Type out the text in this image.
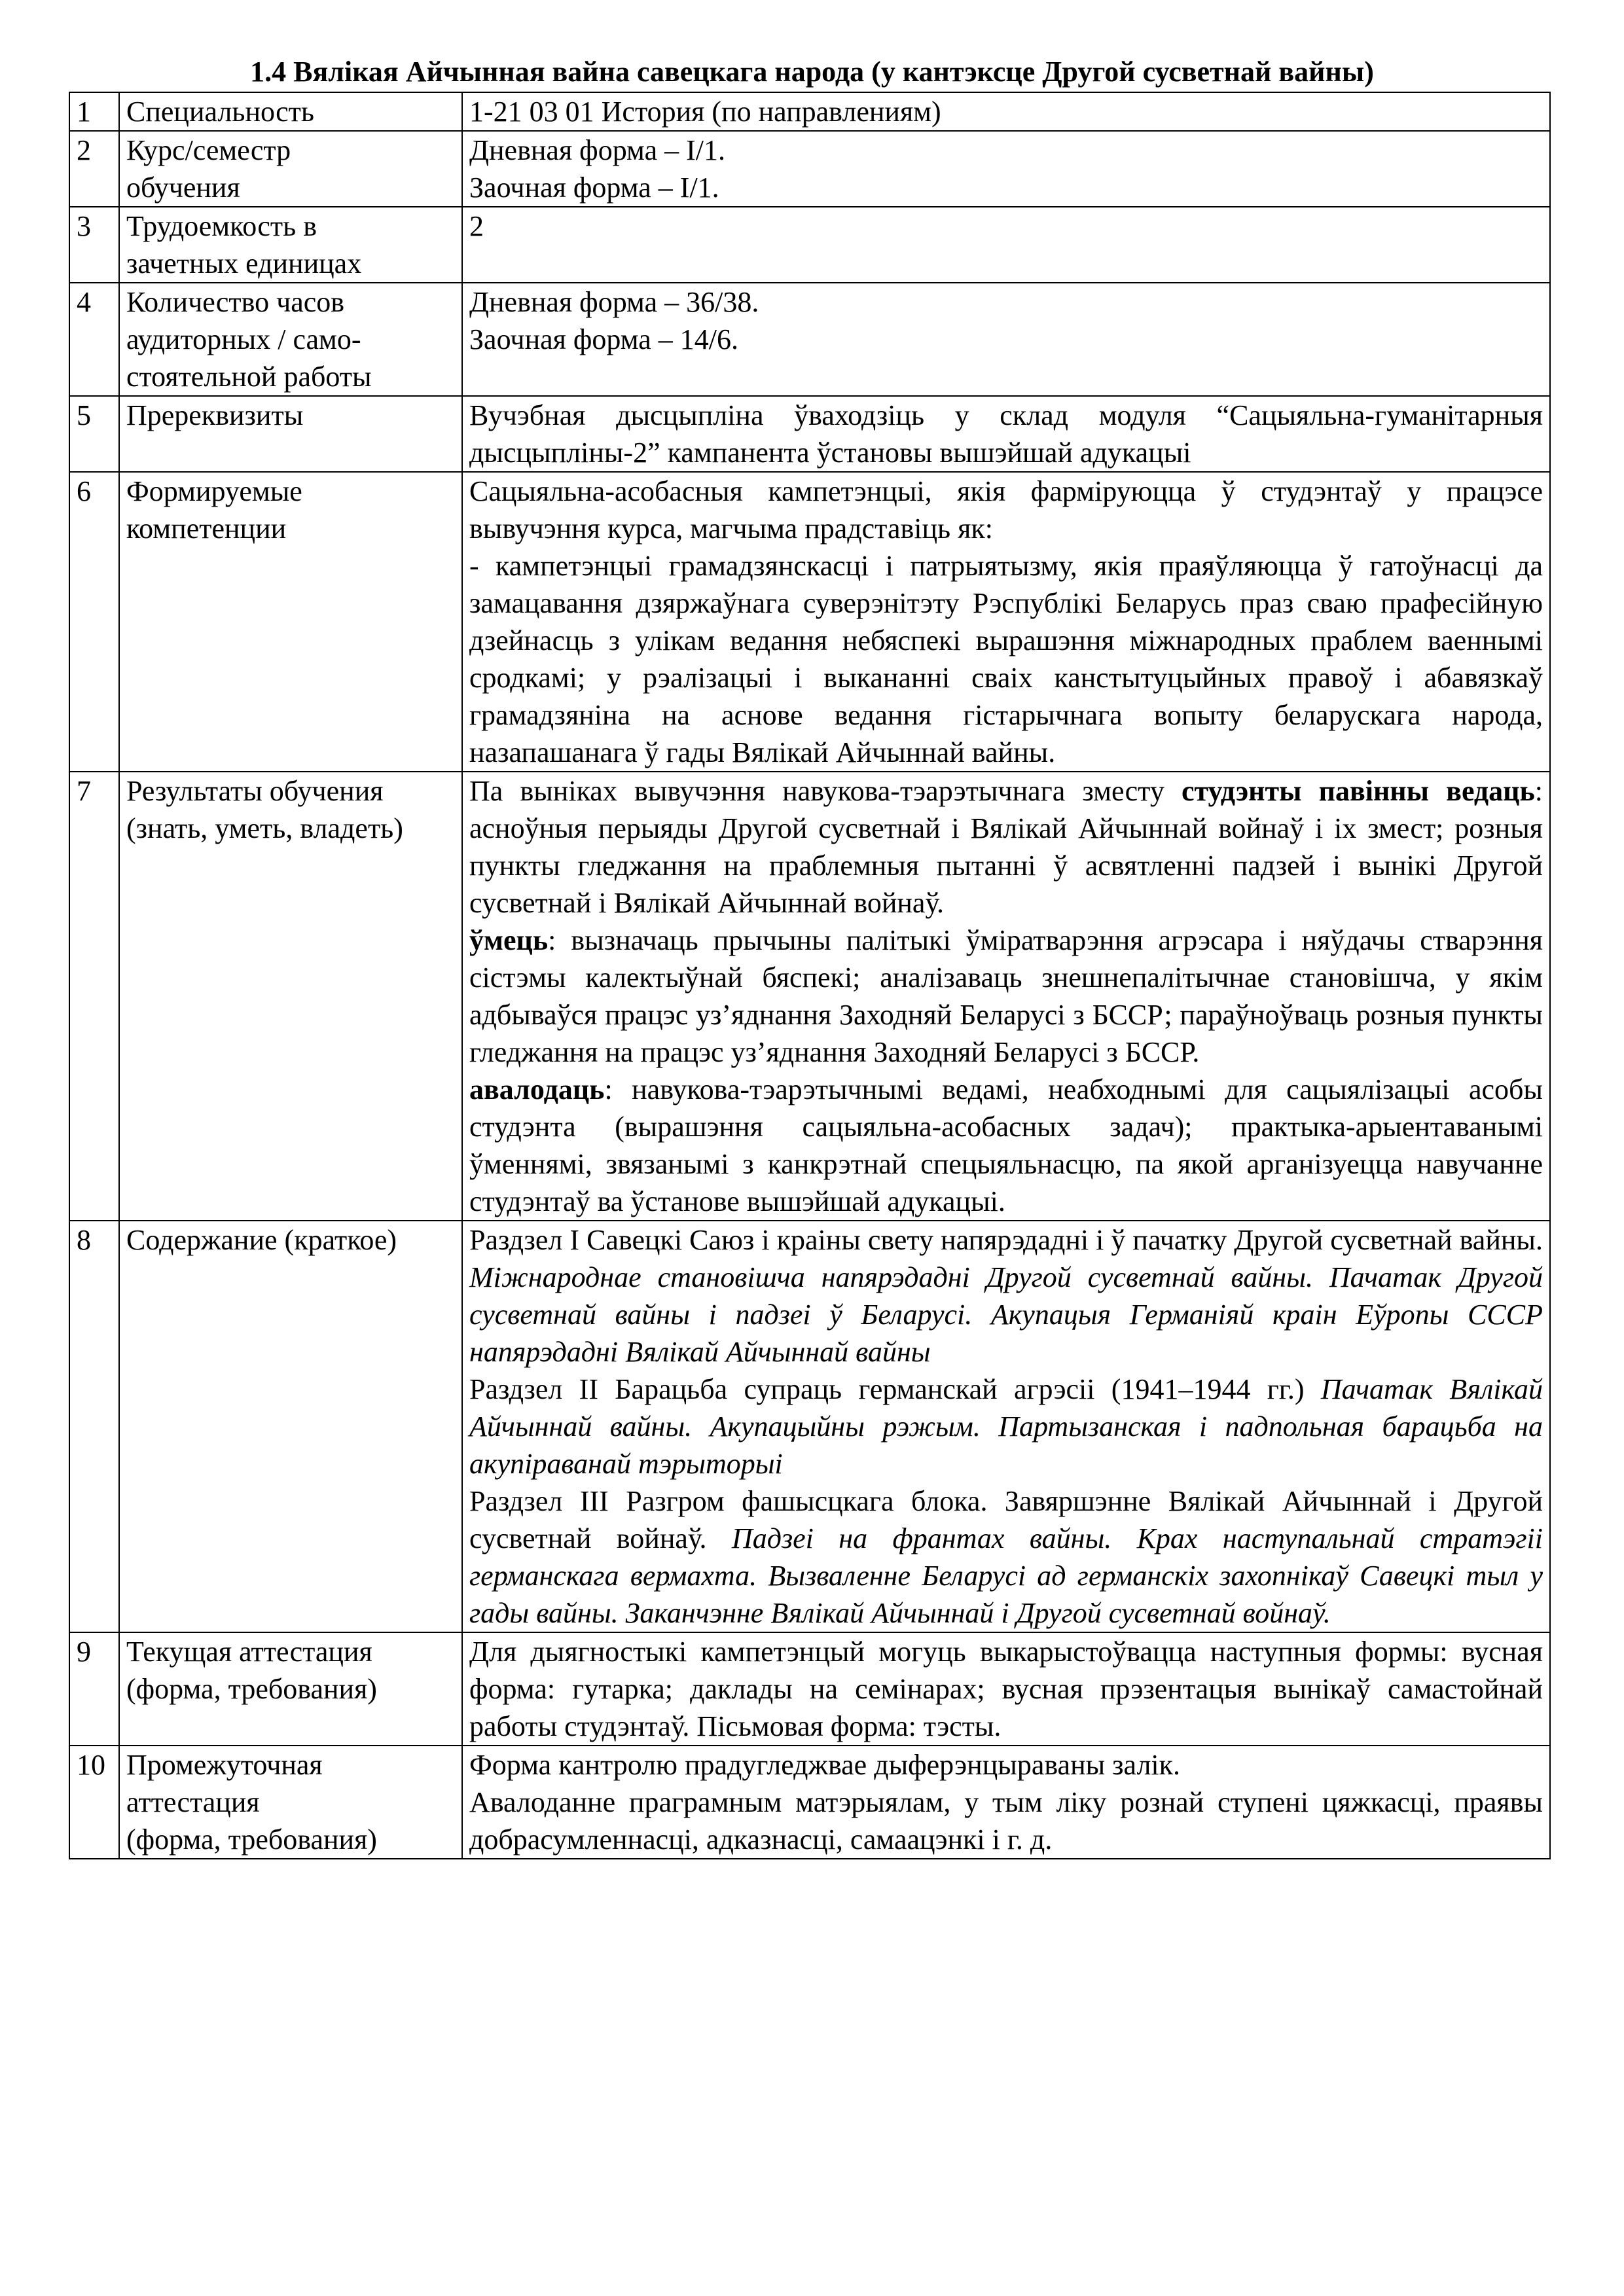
1.4 Вялікая Айчынная вайна савецкага народа (у кантэксце Другой сусветнай вайны)
1	Специальность	1-21 03 01 История (по направлениям)
2	Курс/семестр
обучения	Дневная форма – I/1.
Заочная форма – I/1.

3	Трудоемкость в
зачетных единицах	2
4	Количество часов
аудиторных / само-
стоятельной работы	Дневная форма – 36/38.
Заочная форма – 14/6.

5	Пререквизиты	Вучэбная дысцыпліна ўваходзіць у склад модуля “Сацыяльна-гуманітарныя дысцыпліны-2” кампанента ўстановы вышэйшай адукацыі
6	Формируемые
компетенции	Сацыяльна-асобасныя кампетэнцыі, якія фарміруюцца ў студэнтаў у працэсе вывучэння курса, магчыма прадставіць як:
- кампетэнцыі грамадзянскасці і патрыятызму, якія праяўляюцца ў гатоўнасці да замацавання дзяржаўнага суверэнітэту Рэспублікі Беларусь праз сваю прафесійную дзейнасць з улікам ведання небяспекі вырашэння міжнародных праблем ваеннымі сродкамі; у рэалізацыі і выкананні сваіх канстытуцыйных правоў і абавязкаў грамадзяніна на аснове ведання гістарычнага вопыту беларускага народа, назапашанага ў гады Вялікай Айчыннай вайны.

7	Результаты обучения
(знать, уметь, владеть)	Па выніках вывучэння навукова-тэарэтычнага зместу студэнты павінны ведаць: асноўныя перыяды Другой сусветнай і Вялікай Айчыннай войнаў і іх змест; розныя пункты гледжання на праблемныя пытанні ў асвятленні падзей і вынікі Другой сусветнай і Вялікай Айчыннай войнаў.
ўмець: вызначаць прычыны палітыкі ўміратварэння агрэсара і няўдачы стварэння сістэмы калектыўнай бяспекі; аналізаваць знешнепалітычнае становішча, у якім адбываўся працэс уз’яднання Заходняй Беларусі з БССР; параўноўваць розныя пункты гледжання на працэс уз’яднання Заходняй Беларусі з БССР.
авалодаць: навукова-тэарэтычнымі ведамі, неабходнымі для сацыялізацыі асобы студэнта (вырашэння сацыяльна-асобасных задач); практыка-арыентаванымі ўменнямі, звязанымі з канкрэтнай спецыяльнасцю, па якой арганізуецца навучанне студэнтаў ва ўстанове вышэйшай адукацыі.

8	Содержание (краткое)	Раздзел I Савецкі Саюз і краіны свету напярэдадні і ў пачатку Другой сусветнай вайны. Міжнароднае становішча напярэдадні Другой сусветнай вайны. Пачатак Другой сусветнай вайны і падзеі ў Беларусі. Акупацыя Германіяй краін Еўропы СССР напярэдадні Вялікай Айчыннай вайны
Раздзел II Барацьба супраць германскай агрэсіі (1941–1944 гг.) Пачатак Вялікай Айчыннай вайны. Акупацыйны рэжым. Партызанская і падпольная барацьба на акупіраванай тэрыторыі
Раздзел III Разгром фашысцкага блока. Завяршэнне Вялікай Айчыннай і Другой сусветнай войнаў. Падзеі на франтах вайны. Крах наступальнай стратэгіі германскага вермахта. Вызваленне Беларусі ад германскіх захопнікаў Савецкі тыл у гады вайны. Заканчэнне Вялікай Айчыннай і Другой сусветнай войнаў.

9	Текущая аттестация
(форма, требования)	Для дыягностыкі кампетэнцый могуць выкарыстоўвацца наступныя формы: вусная форма: гутарка; даклады на семінарах; вусная прэзентацыя вынікаў самастойнай работы студэнтаў. Пісьмовая форма: тэсты.
10	Промежуточная
аттестация
(форма, требования)	Форма кантролю прадугледжвае дыферэнцыраваны залік.
Авалоданне праграмным матэрыялам, у тым ліку рознай ступені цяжкасці, праявы добрасумленнасці, адказнасці, самаацэнкі і г. д.
